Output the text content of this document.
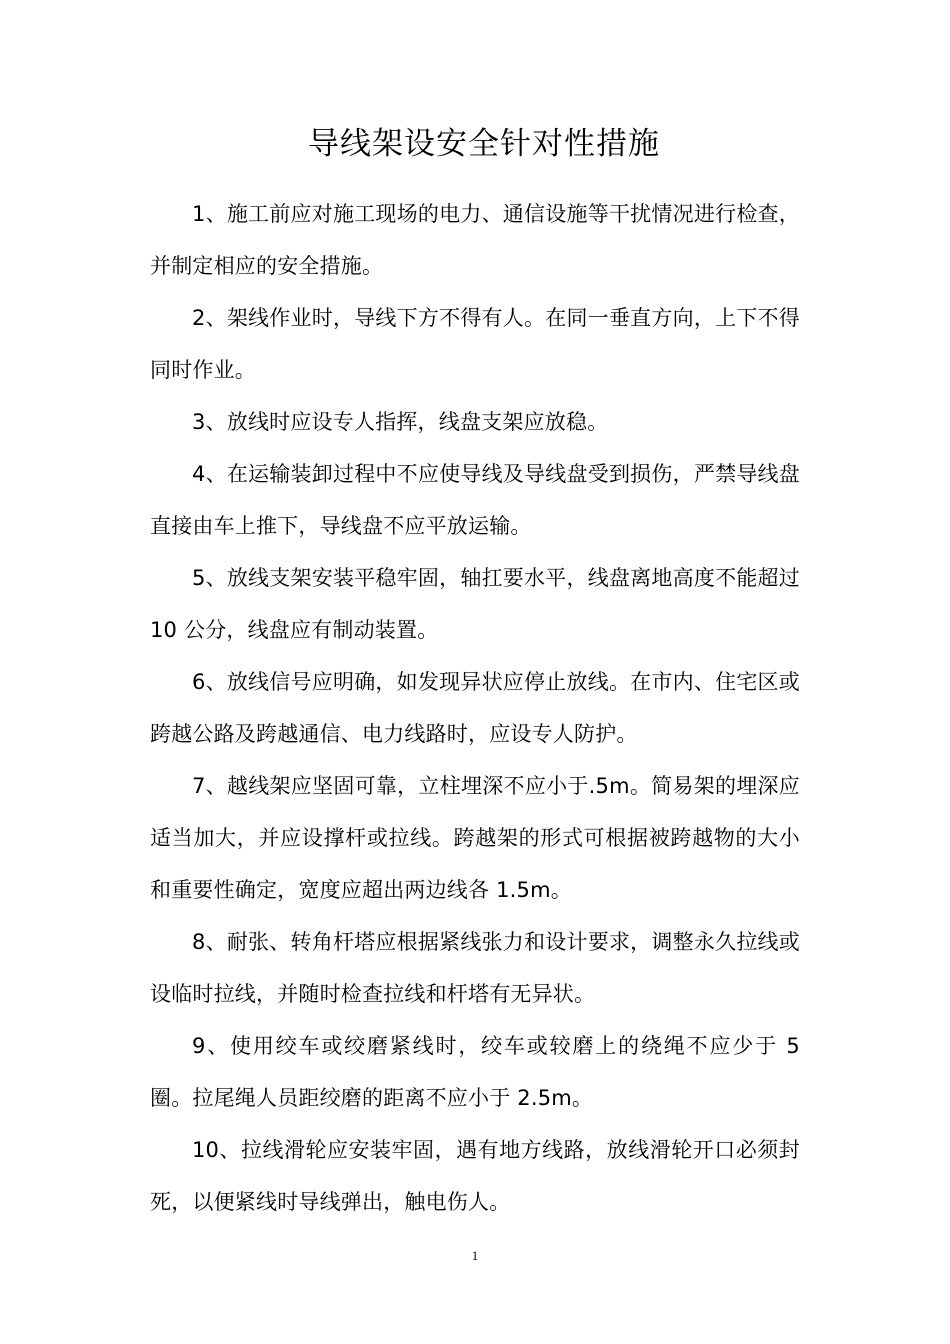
导线架设安全针对性措施

1、施工前应对施工现场的电力、通信设施等干扰情况进行检查，并制定相应的安全措施。

2、架线作业时，导线下方不得有人。在同一垂直方向，上下不得同时作业。

3、放线时应设专人指挥，线盘支架应放稳。

4、在运输装卸过程中不应使导线及导线盘受到损伤，严禁导线盘直接由车上推下，导线盘不应平放运输。

5、放线支架安装平稳牢固，轴扛要水平，线盘离地高度不能超过 10 公分，线盘应有制动装置。

6、放线信号应明确，如发现异状应停止放线。在市内、住宅区或跨越公路及跨越通信、电力线路时，应设专人防护。

7、越线架应坚固可靠，立柱埋深不应小于.5m。简易架的埋深应适当加大，并应设撑杆或拉线。跨越架的形式可根据被跨越物的大小和重要性确定，宽度应超出两边线各 1.5m。

8、耐张、转角杆塔应根据紧线张力和设计要求，调整永久拉线或设临时拉线，并随时检查拉线和杆塔有无异状。

9、使用绞车或绞磨紧线时，绞车或较磨上的绕绳不应少于 5 圈。拉尾绳人员距绞磨的距离不应小于 2.5m。

10、拉线滑轮应安装牢固，遇有地方线路，放线滑轮开口必须封死，以便紧线时导线弹出，触电伤人。

1
